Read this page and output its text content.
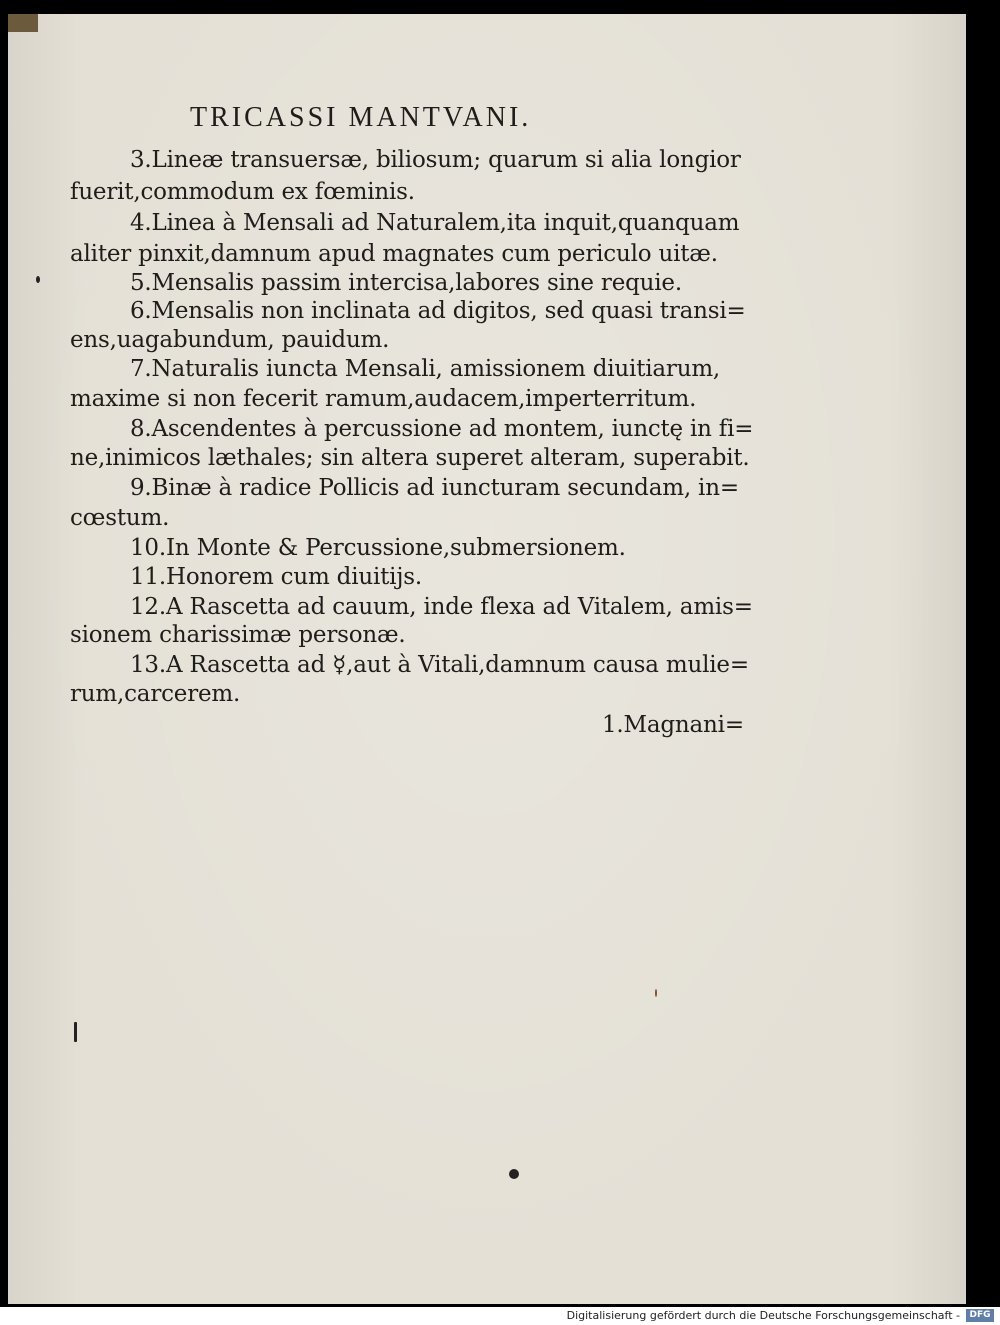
TRICASSI MANTVANI.
3.Lineæ transuersæ, biliosum; quarum si alia longior
fuerit,commodum ex fœminis.
4.Linea à Mensali ad Naturalem,ita inquit,quanquam
aliter pinxit,damnum apud magnates cum periculo uitæ.
5.Mensalis passim intercisa,labores sine requie.
6.Mensalis non inclinata ad digitos, sed quasi transi=
ens,uagabundum, pauidum.
7.Naturalis iuncta Mensali, amissionem diuitiarum,
maxime si non fecerit ramum,audacem,imperterritum.
8.Ascendentes à percussione ad montem, iunctę in fi=
ne,inimicos læthales; sin altera superet alteram, superabit.
9.Binæ à radice Pollicis ad iuncturam secundam, in=
cœstum.
10.In Monte & Percussione,submersionem.
11.Honorem cum diuitijs.
12.A Rascetta ad cauum, inde flexa ad Vitalem, amis=
sionem charissimæ personæ.
13.A Rascetta ad ☿,aut à Vitali,damnum causa mulie=
rum,carcerem.
1.Magnani=
Digitalisierung gefördert durch die Deutsche Forschungsgemeinschaft -	DFG
